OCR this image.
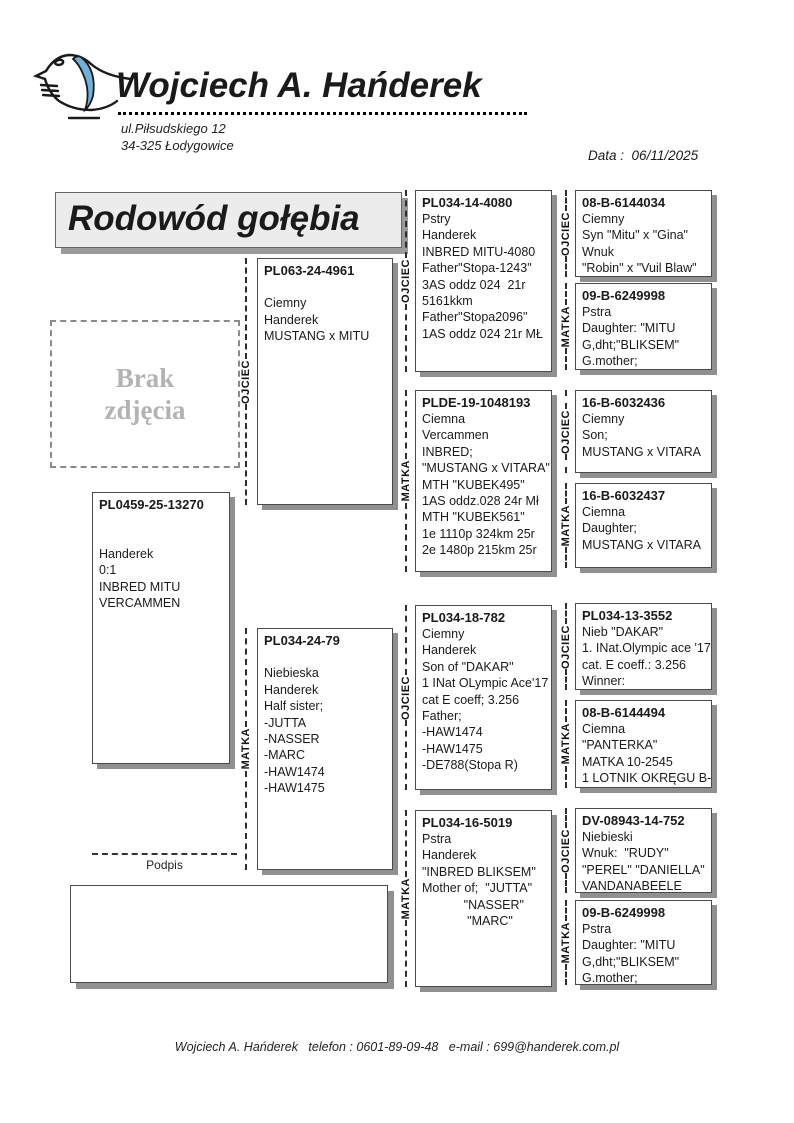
Wojciech A. Hańderek
ul.Piłsudskiego 12
34-325 Łodygowice
Data : 06/11/2025
Rodowód gołębia
Brak
zdjęcia
PL0459-25-13270

Handerek
0:1
INBRED MITU
VERCAMMEN
PL063-24-4961

Ciemny
Handerek
MUSTANG x MITU
PL034-24-79

Niebieska
Handerek
Half sister;
-JUTTA
-NASSER
-MARC
-HAW1474
-HAW1475
PL034-14-4080
Pstry
Handerek
INBRED MITU-4080
Father"Stopa-1243"
3AS oddz 024  21r
5161kkm
Father"Stopa2096"
1AS oddz 024 21r MŁ
PLDE-19-1048193
Ciemna
Vercammen
INBRED;
"MUSTANG x VITARA"
MTH "KUBEK495"
1AS oddz.028 24r Mł
MTH "KUBEK561"
1e 1110p 324km 25r
2e 1480p 215km 25r
PL034-18-782
Ciemny
Handerek
Son of "DAKAR"
1 INat OLympic Ace'17
cat E coeff; 3.256
Father;
-HAW1474
-HAW1475
-DE788(Stopa R)
PL034-16-5019
Pstra
Handerek
"INBRED BLIKSEM"
Mother of;  "JUTTA"
"NASSER"
"MARC"
08-B-6144034
Ciemny
Syn "Mitu" x "Gina"
Wnuk
"Robin" x "Vuil Blaw"
09-B-6249998
Pstra
Daughter: "MITU
G,dht;"BLIKSEM"
G.mother;
16-B-6032436
Ciemny
Son;
MUSTANG x VITARA
16-B-6032437
Ciemna
Daughter;
MUSTANG x VITARA
PL034-13-3552
Nieb "DAKAR"
1. INat.Olympic ace '17
cat. E coeff.: 3.256
Winner:
08-B-6144494
Ciemna
"PANTERKA"
MATKA 10-2545
1 LOTNIK OKRĘGU B-
DV-08943-14-752
Niebieski
Wnuk:  "RUDY"
"PEREL" "DANIELLA"
VANDANABEELE
09-B-6249998
Pstra
Daughter: "MITU
G,dht;"BLIKSEM"
G.mother;
OJCIEC
MATKA
OJCIEC
MATKA
OJCIEC
MATKA
OJCIEC
MATKA
OJCIEC
MATKA
OJCIEC
MATKA
OJCIEC
MATKA
Podpis
Wojciech A. Hańderek   telefon : 0601-89-09-48   e-mail : 699@handerek.com.pl
